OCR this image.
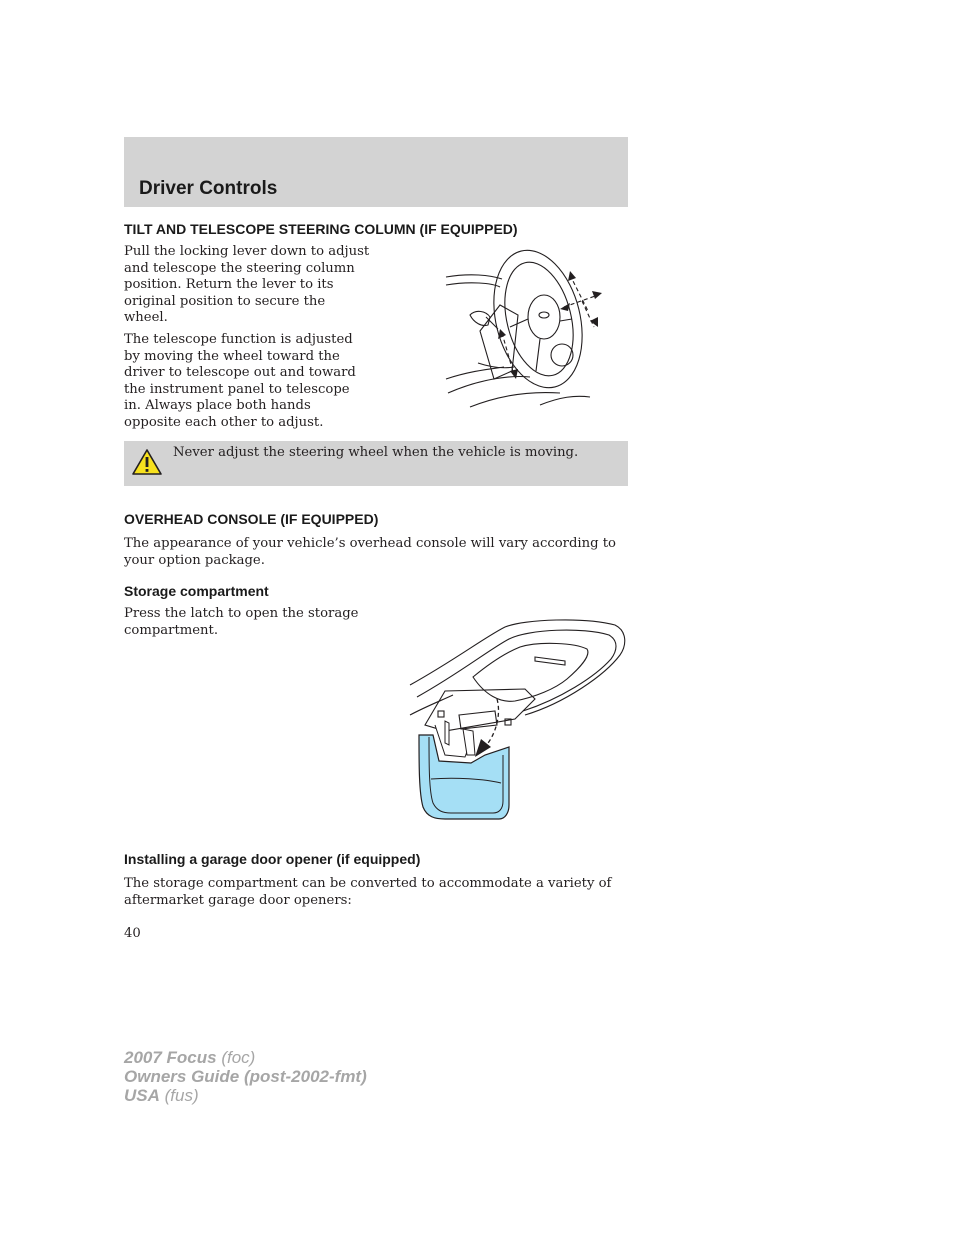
Driver Controls
TILT AND TELESCOPE STEERING COLUMN (IF EQUIPPED)
Pull the locking lever down to adjust
and telescope the steering column
position. Return the lever to its
original position to secure the
wheel.
The telescope function is adjusted
by moving the wheel toward the
driver to telescope out and toward
the instrument panel to telescope
in. Always place both hands
opposite each other to adjust.
Never adjust the steering wheel when the vehicle is moving.
OVERHEAD CONSOLE (IF EQUIPPED)
The appearance of your vehicle’s overhead console will vary according to
your option package.
Storage compartment
Press the latch to open the storage
compartment.
Installing a garage door opener (if equipped)
The storage compartment can be converted to accommodate a variety of
aftermarket garage door openers:
40
2007 Focus (foc)
Owners Guide (post-2002-fmt)
USA (fus)
